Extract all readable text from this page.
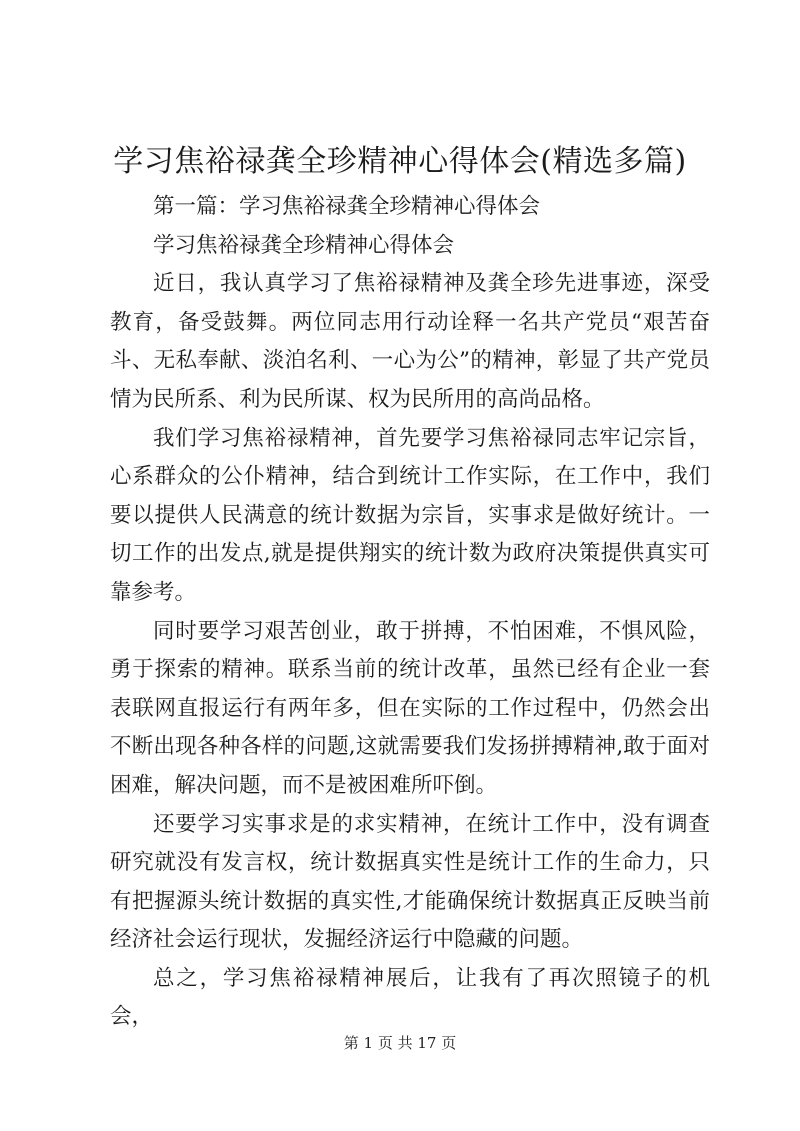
学习焦裕禄龚全珍精神心得体会(精选多篇)

第一篇：学习焦裕禄龚全珍精神心得体会

学习焦裕禄龚全珍精神心得体会

近日，我认真学习了焦裕禄精神及龚全珍先进事迹，深受教育，备受鼓舞。两位同志用行动诠释一名共产党员“艰苦奋斗、无私奉献、淡泊名利、一心为公”的精神，彰显了共产党员情为民所系、利为民所谋、权为民所用的高尚品格。

我们学习焦裕禄精神，首先要学习焦裕禄同志牢记宗旨，心系群众的公仆精神，结合到统计工作实际，在工作中，我们要以提供人民满意的统计数据为宗旨，实事求是做好统计。一切工作的出发点,就是提供翔实的统计数为政府决策提供真实可靠参考。

同时要学习艰苦创业，敢于拼搏，不怕困难，不惧风险，勇于探索的精神。联系当前的统计改革，虽然已经有企业一套表联网直报运行有两年多，但在实际的工作过程中，仍然会出不断出现各种各样的问题,这就需要我们发扬拼搏精神,敢于面对困难，解决问题，而不是被困难所吓倒。

还要学习实事求是的求实精神，在统计工作中，没有调查研究就没有发言权，统计数据真实性是统计工作的生命力，只有把握源头统计数据的真实性,才能确保统计数据真正反映当前经济社会运行现状，发掘经济运行中隐藏的问题。

总之，学习焦裕禄精神展后，让我有了再次照镜子的机会，

第 1 页 共 17 页
